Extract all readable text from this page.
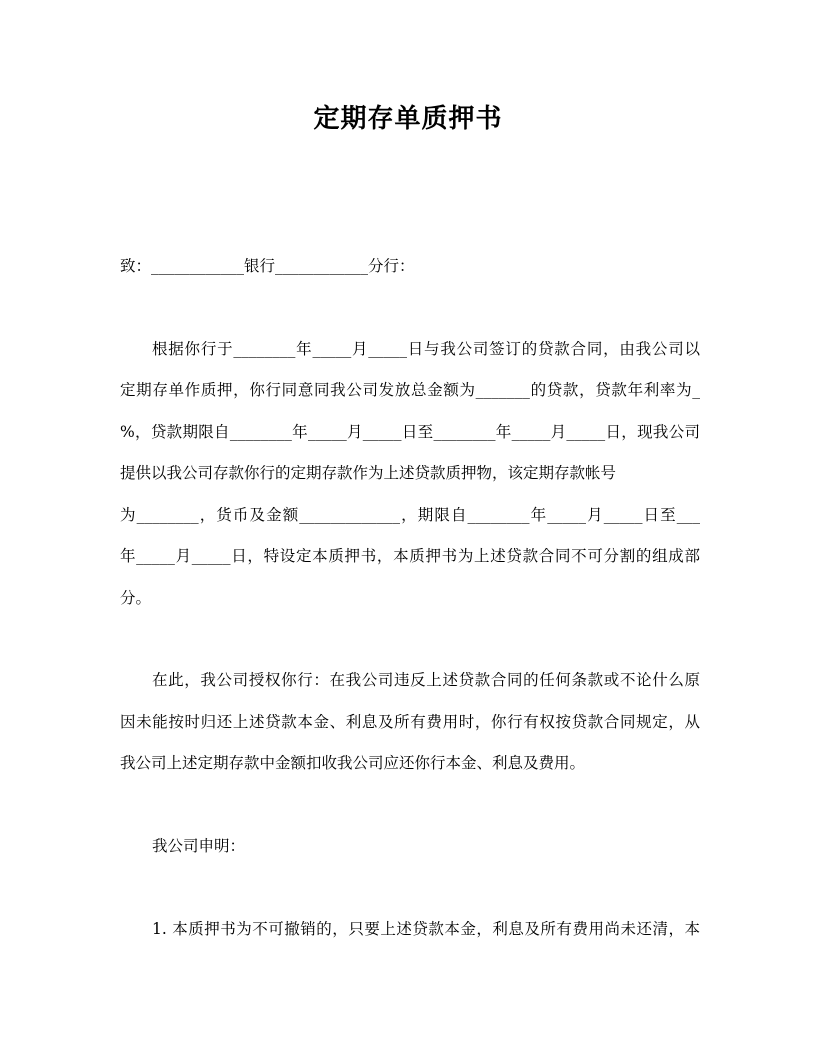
定期存单质押书
致：____________银行____________分行：
根据你行于________年_____月_____日与我公司签订的贷款合同，由我公司以
定期存单作质押，你行同意同我公司发放总金额为_______的贷款，贷款年利率为_
%，贷款期限自________年_____月_____日至________年_____月_____日，现我公司
提供以我公司存款你行的定期存款作为上述贷款质押物，该定期存款帐号
为________，货币及金额_____________，期限自________年_____月_____日至___
年_____月_____日，特设定本质押书，本质押书为上述贷款合同不可分割的组成部
分。
在此，我公司授权你行：在我公司违反上述贷款合同的任何条款或不论什么原
因未能按时归还上述贷款本金、利息及所有费用时，你行有权按贷款合同规定，从
我公司上述定期存款中金额扣收我公司应还你行本金、利息及费用。
我公司申明：
1. 本质押书为不可撤销的，只要上述贷款本金，利息及所有费用尚未还清，本
